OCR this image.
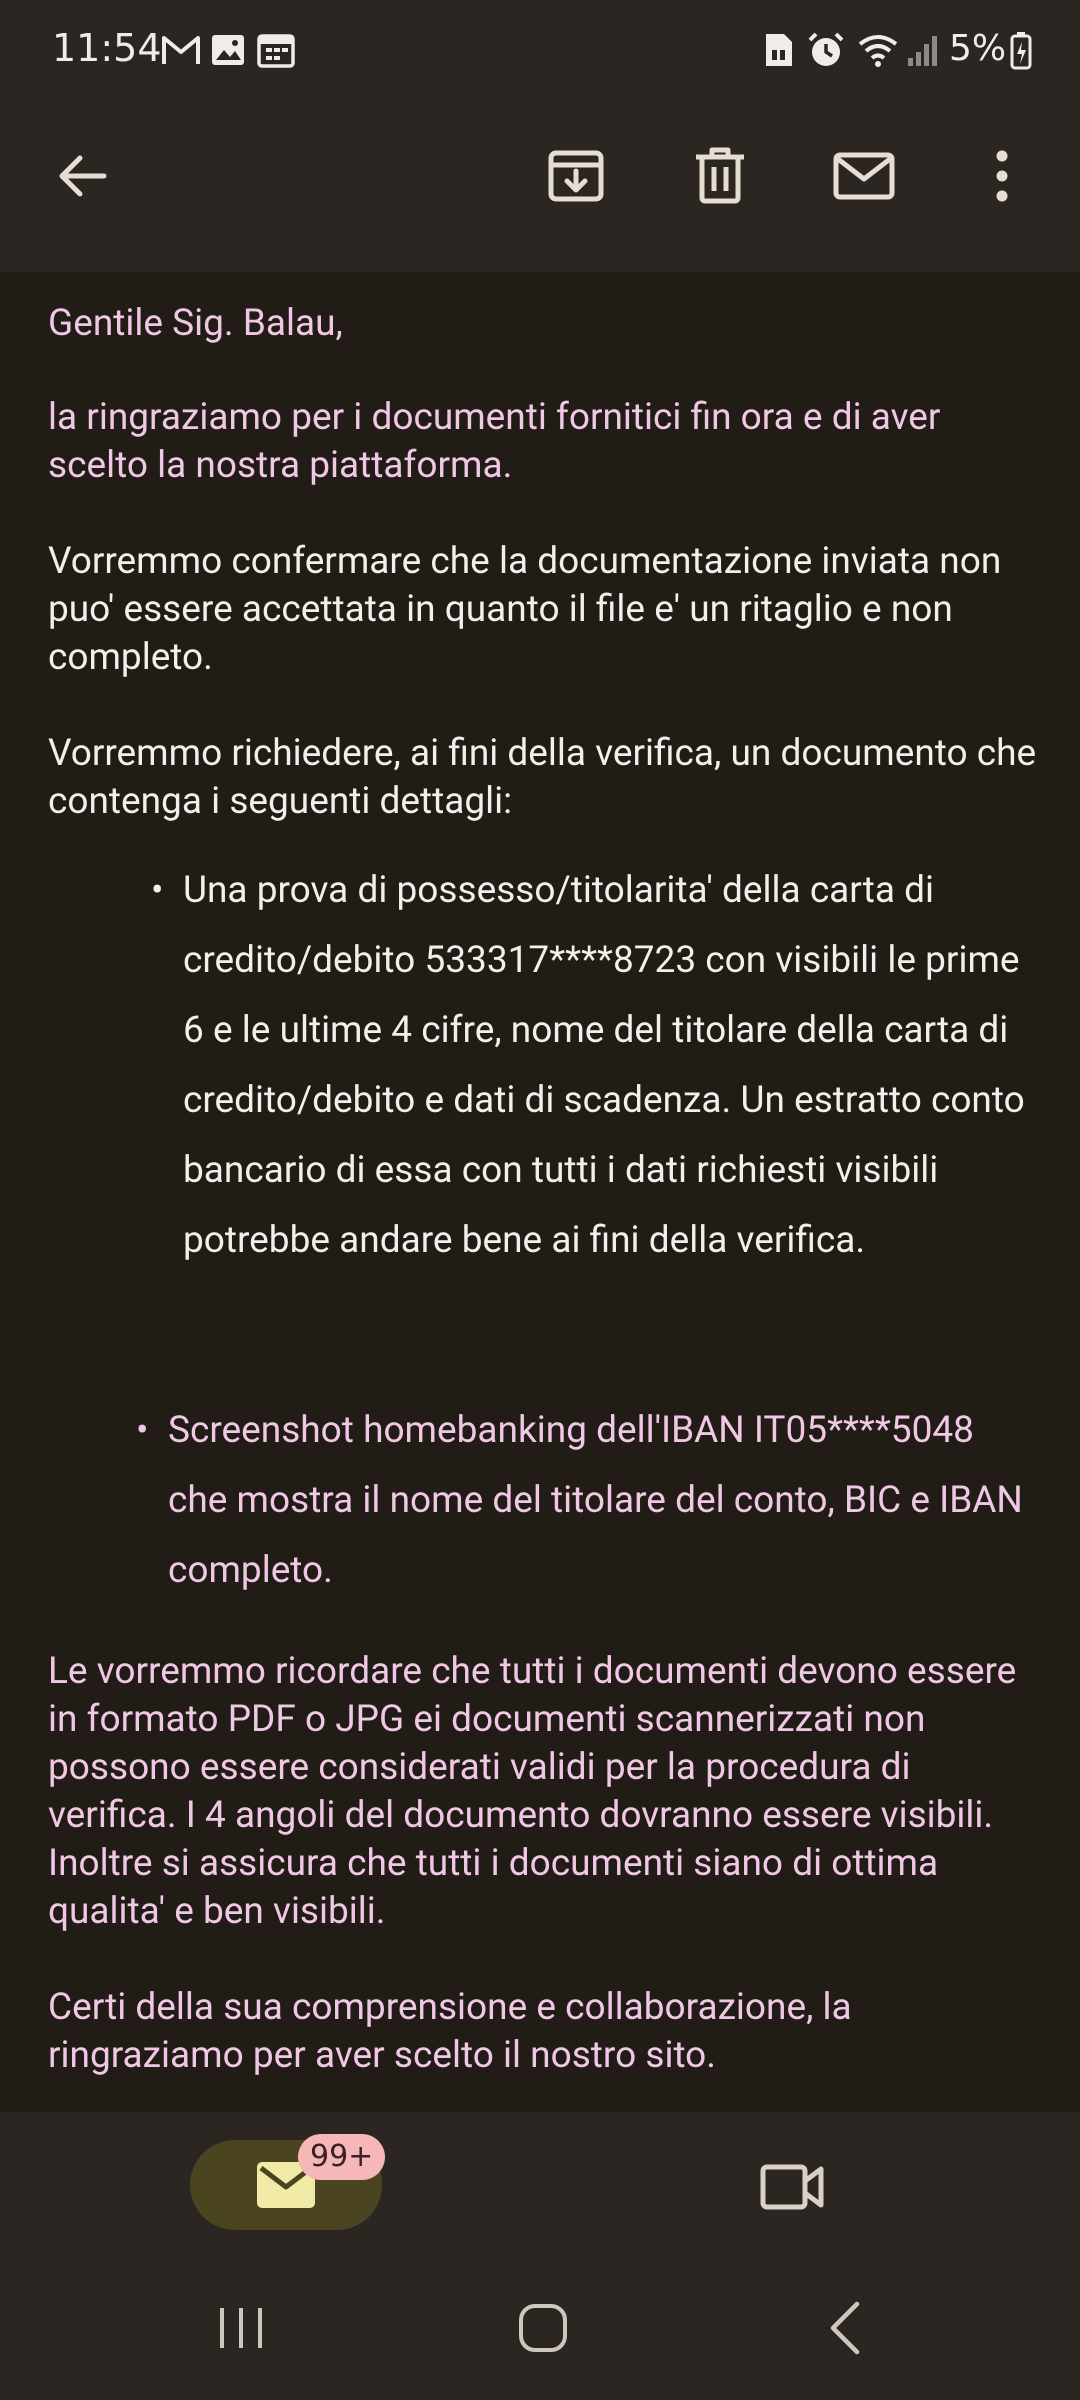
11:54	5%

Gentile Sig. Balau,

la ringraziamo per i documenti fornitici fin ora e di aver scelto la nostra piattaforma.

Vorremmo confermare che la documentazione inviata non puo' essere accettata in quanto il file e' un ritaglio e non completo.

Vorremmo richiedere, ai fini della verifica, un documento che contenga i seguenti dettagli:

• Una prova di possesso/titolarita' della carta di credito/debito 533317****8723 con visibili le prime 6 e le ultime 4 cifre, nome del titolare della carta di credito/debito e dati di scadenza. Un estratto conto bancario di essa con tutti i dati richiesti visibili potrebbe andare bene ai fini della verifica.
• Screenshot homebanking dell'IBAN IT05****5048 che mostra il nome del titolare del conto, BIC e IBAN completo.

Le vorremmo ricordare che tutti i documenti devono essere in formato PDF o JPG ei documenti scannerizzati non possono essere considerati validi per la procedura di verifica. I 4 angoli del documento dovranno essere visibili. Inoltre si assicura che tutti i documenti siano di ottima qualita' e ben visibili.

Certi della sua comprensione e collaborazione, la ringraziamo per aver scelto il nostro sito.

99+
